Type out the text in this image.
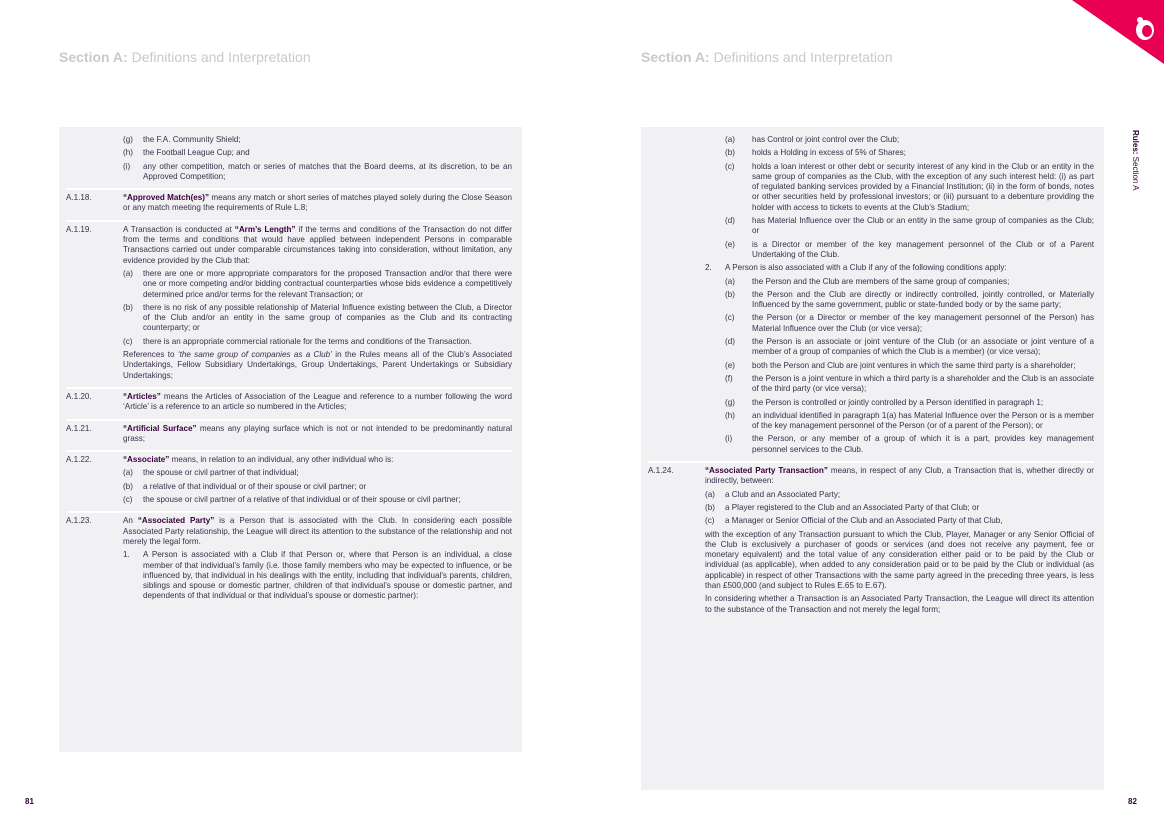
Section A: Definitions and Interpretation	Section A: Definitions and Interpretation
Rules: Section A
(g)	the F.A. Community Shield;
(h)	the Football League Cup; and
(i)	any other competition, match or series of matches that the Board deems, at its discretion, to be an Approved Competition;
A.1.18.	“Approved Match(es)” means any match or short series of matches played solely during the Close Season or any match meeting the requirements of Rule L.8;

A.1.19.	A Transaction is conducted at “Arm’s Length” if the terms and conditions of the Transaction do not differ from the terms and conditions that would have applied between independent Persons in comparable Transactions carried out under comparable circumstances taking into consideration, without limitation, any evidence provided by the Club that:

(a)	there are one or more appropriate comparators for the proposed Transaction and/or that there were one or more competing and/or bidding contractual counterparties whose bids evidence a competitively determined price and/or terms for the relevant Transaction; or
(b)	there is no risk of any possible relationship of Material Influence existing between the Club, a Director of the Club and/or an entity in the same group of companies as the Club and its contracting counterparty; or
(c)	there is an appropriate commercial rationale for the terms and conditions of the Transaction.

References to ‘the same group of companies as a Club’ in the Rules means all of the Club’s Associated Undertakings, Fellow Subsidiary Undertakings, Group Undertakings, Parent Undertakings or Subsidiary Undertakings;

A.1.20.	“Articles” means the Articles of Association of the League and reference to a number following the word ‘Article’ is a reference to an article so numbered in the Articles;

A.1.21.	“Artificial Surface” means any playing surface which is not or not intended to be predominantly natural grass;

A.1.22.	“Associate” means, in relation to an individual, any other individual who is:

(a)	the spouse or civil partner of that individual;
(b)	a relative of that individual or of their spouse or civil partner; or
(c)	the spouse or civil partner of a relative of that individual or of their spouse or civil partner;
A.1.23.	An “Associated Party” is a Person that is associated with the Club. In considering each possible Associated Party relationship, the League will direct its attention to the substance of the relationship and not merely the legal form.

1.	A Person is associated with a Club if that Person or, where that Person is an individual, a close member of that individual’s family (i.e. those family members who may be expected to influence, or be influenced by, that individual in his dealings with the entity, including that individual’s parents, children, siblings and spouse or domestic partner, children of that individual’s spouse or domestic partner, and dependents of that individual or that individual’s spouse or domestic partner):
(a)	has Control or joint control over the Club;
(b)	holds a Holding in excess of 5% of Shares;
(c)	holds a loan interest or other debt or security interest of any kind in the Club or an entity in the same group of companies as the Club, with the exception of any such interest held: (i) as part of regulated banking services provided by a Financial Institution; (ii) in the form of bonds, notes or other securities held by professional investors; or (iii) pursuant to a debenture providing the holder with access to tickets to events at the Club’s Stadium;
(d)	has Material Influence over the Club or an entity in the same group of companies as the Club; or
(e)	is a Director or member of the key management personnel of the Club or of a Parent Undertaking of the Club.
2.	A Person is also associated with a Club if any of the following conditions apply:
(a)	the Person and the Club are members of the same group of companies;
(b)	the Person and the Club are directly or indirectly controlled, jointly controlled, or Materially Influenced by the same government, public or state-funded body or by the same party;
(c)	the Person (or a Director or member of the key management personnel of the Person) has Material Influence over the Club (or vice versa);
(d)	the Person is an associate or joint venture of the Club (or an associate or joint venture of a member of a group of companies of which the Club is a member) (or vice versa);
(e)	both the Person and Club are joint ventures in which the same third party is a shareholder;
(f)	the Person is a joint venture in which a third party is a shareholder and the Club is an associate of the third party (or vice versa);
(g)	the Person is controlled or jointly controlled by a Person identified in paragraph 1;
(h)	an individual identified in paragraph 1(a) has Material Influence over the Person or is a member of the key management personnel of the Person (or of a parent of the Person); or
(i)	the Person, or any member of a group of which it is a part, provides key management personnel services to the Club.
A.1.24.	“Associated Party Transaction” means, in respect of any Club, a Transaction that is, whether directly or indirectly, between:

(a)	a Club and an Associated Party;
(b)	a Player registered to the Club and an Associated Party of that Club; or
(c)	a Manager or Senior Official of the Club and an Associated Party of that Club,

with the exception of any Transaction pursuant to which the Club, Player, Manager or any Senior Official of the Club is exclusively a purchaser of goods or services (and does not receive any payment, fee or monetary equivalent) and the total value of any consideration either paid or to be paid by the Club or individual (as applicable), when added to any consideration paid or to be paid by the Club or individual (as applicable) in respect of other Transactions with the same party agreed in the preceding three years, is less than £500,000 (and subject to Rules E.65 to E.67).

In considering whether a Transaction is an Associated Party Transaction, the League will direct its attention to the substance of the Transaction and not merely the legal form;

81	82
